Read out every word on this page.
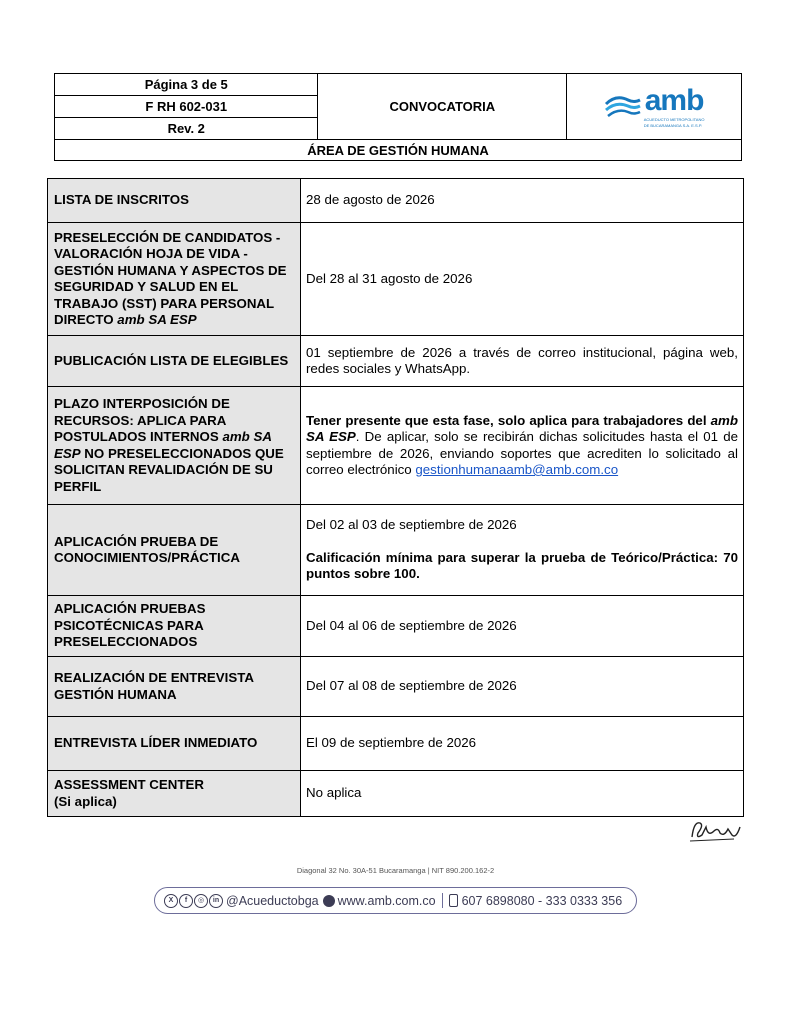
Página 3 de 5	CONVOCATORIA	amb
ACUEDUCTO METROPOLITANO
DE BUCARAMANGA S.A. E.S.P.

F RH 602-031
Rev. 2
ÁREA DE GESTIÓN HUMANA
LISTA DE INSCRITOS	28 de agosto de 2026
PRESELECCIÓN DE CANDIDATOS - VALORACIÓN HOJA DE VIDA - GESTIÓN HUMANA Y ASPECTOS DE SEGURIDAD Y SALUD EN EL TRABAJO (SST) PARA PERSONAL DIRECTO amb SA ESP	Del 28 al 31 agosto de 2026
PUBLICACIÓN LISTA DE ELEGIBLES	01 septiembre de 2026 a través de correo institucional, página web, redes sociales y WhatsApp.
PLAZO INTERPOSICIÓN DE RECURSOS: APLICA PARA POSTULADOS INTERNOS amb SA ESP NO PRESELECCIONADOS QUE SOLICITAN REVALIDACIÓN DE SU PERFIL	Tener presente que esta fase, solo aplica para trabajadores del amb SA ESP. De aplicar, solo se recibirán dichas solicitudes hasta el 01 de septiembre de 2026, enviando soportes que acrediten lo solicitado al correo electrónico gestionhumanaamb@amb.com.co
APLICACIÓN PRUEBA DE CONOCIMIENTOS/PRÁCTICA	Del 02 al 03 de septiembre de 2026

Calificación mínima para superar la prueba de Teórico/Práctica: 70 puntos sobre 100.

APLICACIÓN PRUEBAS PSICOTÉCNICAS PARA PRESELECCIONADOS	Del 04 al 06 de septiembre de 2026
REALIZACIÓN DE ENTREVISTA GESTIÓN HUMANA	Del 07 al 08 de septiembre de 2026
ENTREVISTA LÍDER INMEDIATO	El 09 de septiembre de 2026

ASSESSMENT CENTER
(Si aplica)	No aplica
Diagonal 32 No. 30A-51 Bucaramanga | NIT 890.200.162-2
X	f	◎	in @Acueductobga www.amb.com.co 607 6898080 - 333 0333 356
